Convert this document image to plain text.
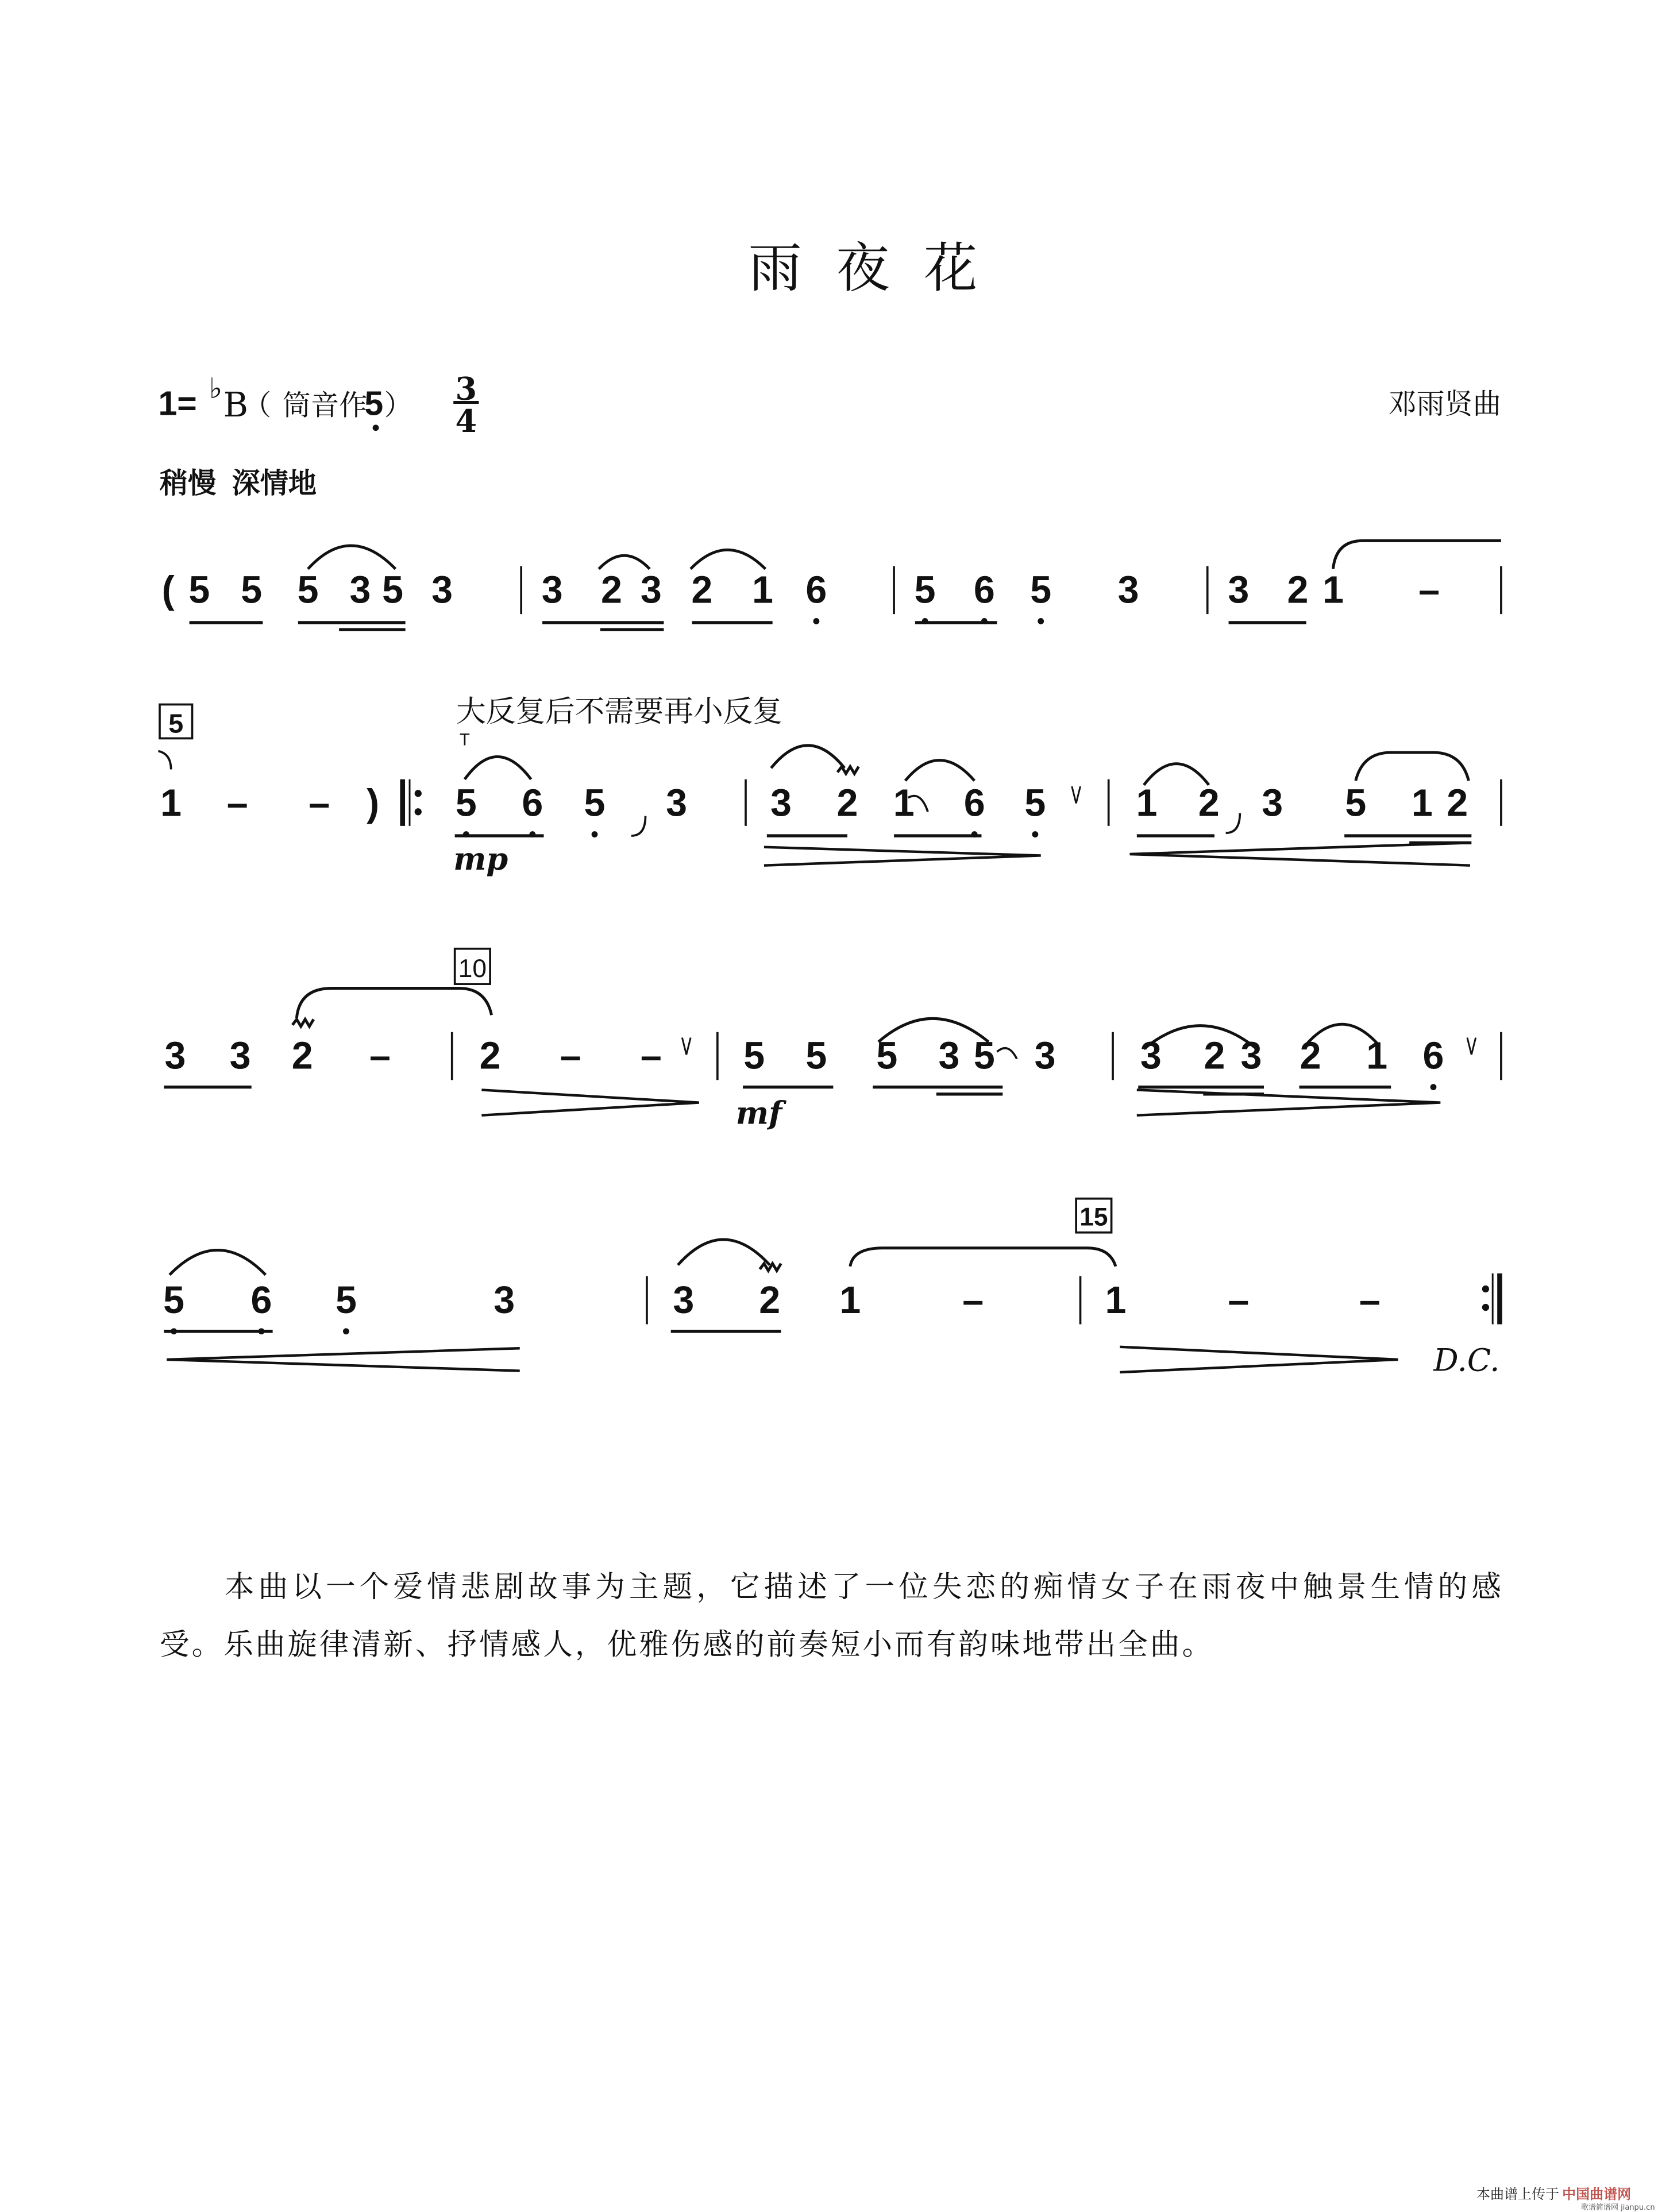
雨  夜  花
1= ♭ B
（ 筒音作
5 ）	3
4	邓雨贤曲
稍慢  深情地
( 5 5 5 3 5 3	3 2 3 2	1 6	5 6 5	3	3 2 1	–
1	–	– )	5	6	5	3	3	2 1	6	5	1	2	3	5	1 2
3	3	2	–	2	–	–	5	5	5	3 5	3	3	2 3 2	1 6
5	6	5	3	3	2	1	–	1	–	–
5	大反复后不需要再小反复
T
mp
10
mf
15
D.C.
本曲以一个爱情悲剧故事为主题，它描述了一位失恋的痴情女子在雨夜中触景生情的感
受。乐曲旋律清新、抒情感人，优雅伤感的前奏短小而有韵味地带出全曲。
本曲谱上传于 中国曲谱网
歌谱简谱网 jianpu.cn
